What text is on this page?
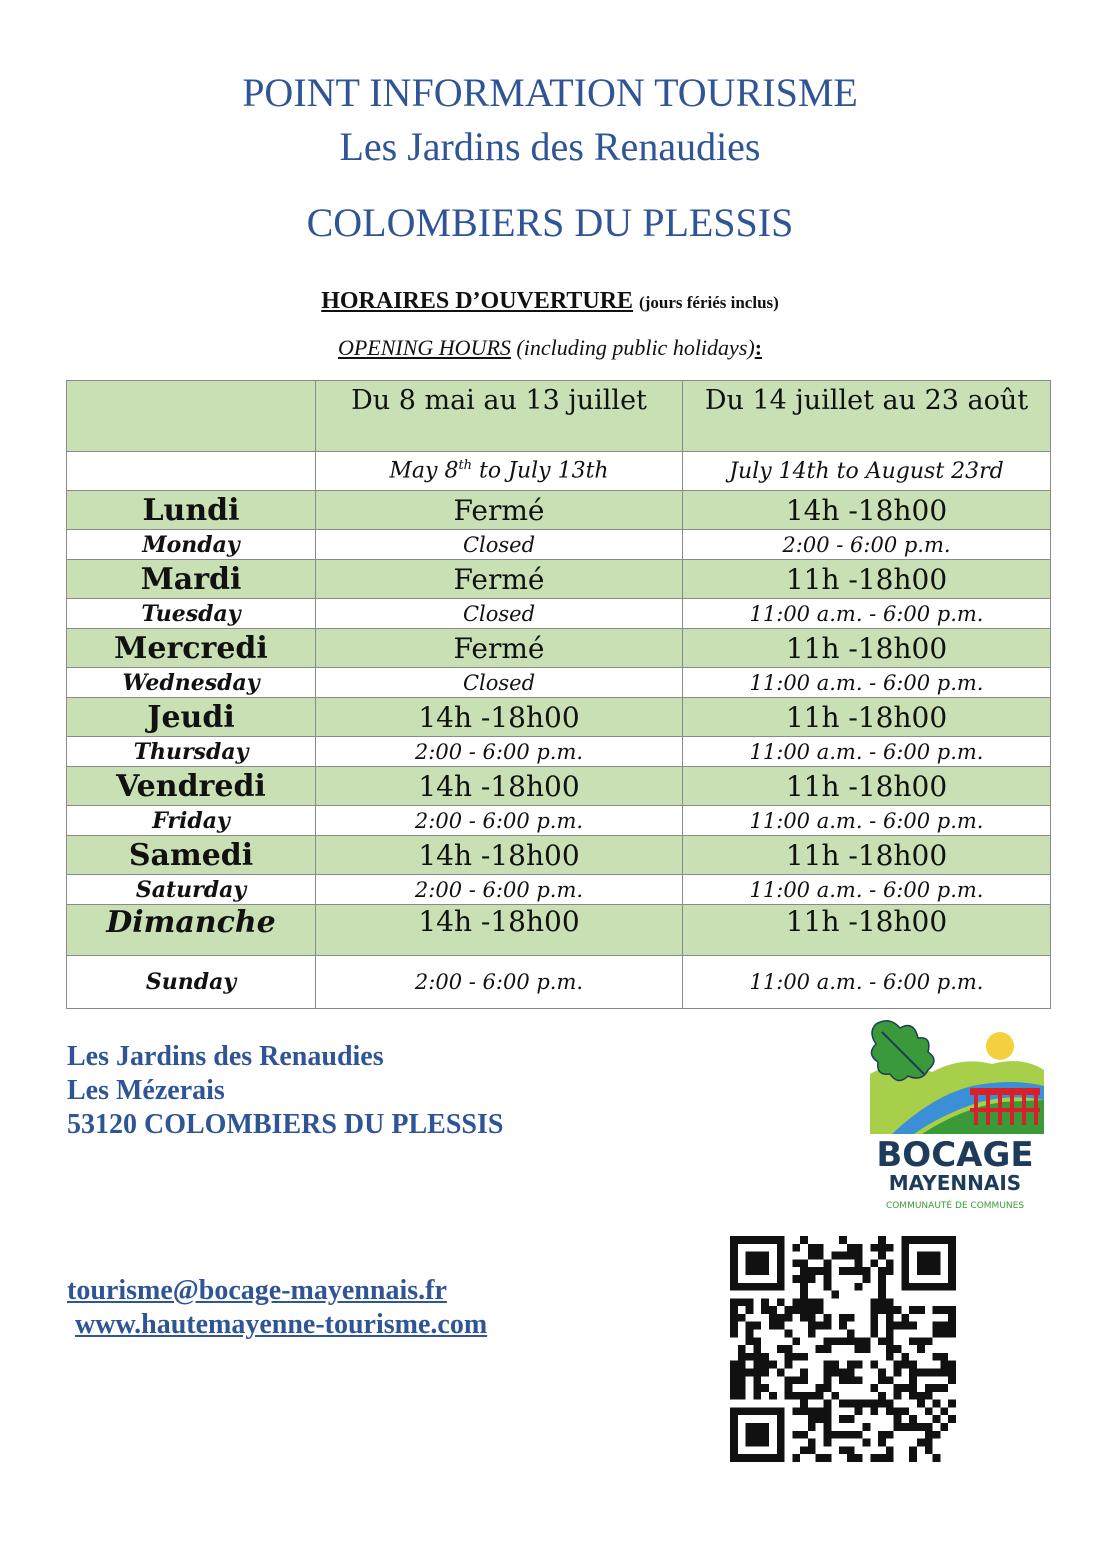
POINT INFORMATION TOURISME
Les Jardins des Renaudies
COLOMBIERS DU PLESSIS
HORAIRES D’OUVERTURE (jours fériés inclus)
OPENING HOURS (including public holidays):
	Du 8 mai au 13 juillet	Du 14 juillet au 23 août
	May 8th to July 13th	July 14th to August 23rd
Lundi	Fermé	14h -18h00
Monday	Closed	2:00 - 6:00 p.m.
Mardi	Fermé	11h -18h00
Tuesday	Closed	11:00 a.m. - 6:00 p.m.
Mercredi	Fermé	11h -18h00
Wednesday	Closed	11:00 a.m. - 6:00 p.m.
Jeudi	14h -18h00	11h -18h00
Thursday	2:00 - 6:00 p.m.	11:00 a.m. - 6:00 p.m.
Vendredi	14h -18h00	11h -18h00
Friday	2:00 - 6:00 p.m.	11:00 a.m. - 6:00 p.m.
Samedi	14h -18h00	11h -18h00
Saturday	2:00 - 6:00 p.m.	11:00 a.m. - 6:00 p.m.
Dimanche	14h -18h00	11h -18h00
Sunday	2:00 - 6:00 p.m.	11:00 a.m. - 6:00 p.m.
Les Jardins des Renaudies
Les Mézerais
53120 COLOMBIERS DU PLESSIS
tourisme@bocage-mayennais.fr
www.hautemayenne-tourisme.com
BOCAGE
MAYENNAIS
COMMUNAUTÉ DE COMMUNES
